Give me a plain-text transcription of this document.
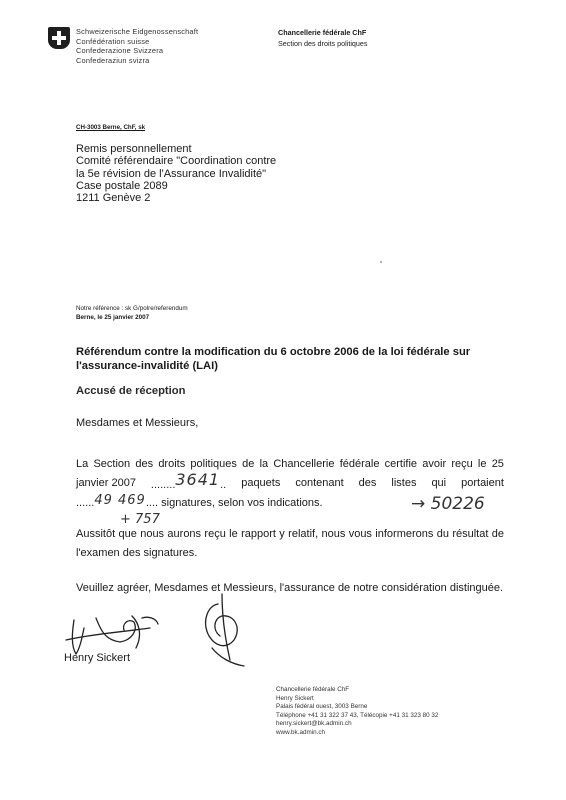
Schweizerische Eidgenossenschaft
Confédération suisse
Confederazione Svizzera
Confederaziun svizra
Chancellerie fédérale ChF
Section des droits politiques
CH-3003 Berne, ChF, sk
Remis personnellement
Comité référendaire "Coordination contre
la 5e révision de l'Assurance Invalidité"
Case postale 2089
1211 Genève 2
Notre référence : sk G/polre/referendum
Berne, le 25 janvier 2007
Référendum contre la modification du 6 octobre 2006 de la loi fédérale sur l'assurance-invalidité (LAI)
Accusé de réception
Mesdames et Messieurs,
La Section des droits politiques de la Chancellerie fédérale certifie avoir reçu le 25
janvier 2007 ........3641.. paquets contenant des listes qui portaient
......49 469.... signatures, selon vos indications.
+ 757
→ 50226
Aussitôt que nous aurons reçu le rapport y relatif, nous vous informerons du résultat de l'examen des signatures.
Veuillez agréer, Mesdames et Messieurs, l'assurance de notre considération distinguée.
Henry Sickert
Chancellerie fédérale ChF
Henry Sickert
Palais fédéral ouest, 3003 Berne
Téléphone +41 31 322 37 43, Télécopie +41 31 323 80 32
henry.sickert@bk.admin.ch
www.bk.admin.ch
